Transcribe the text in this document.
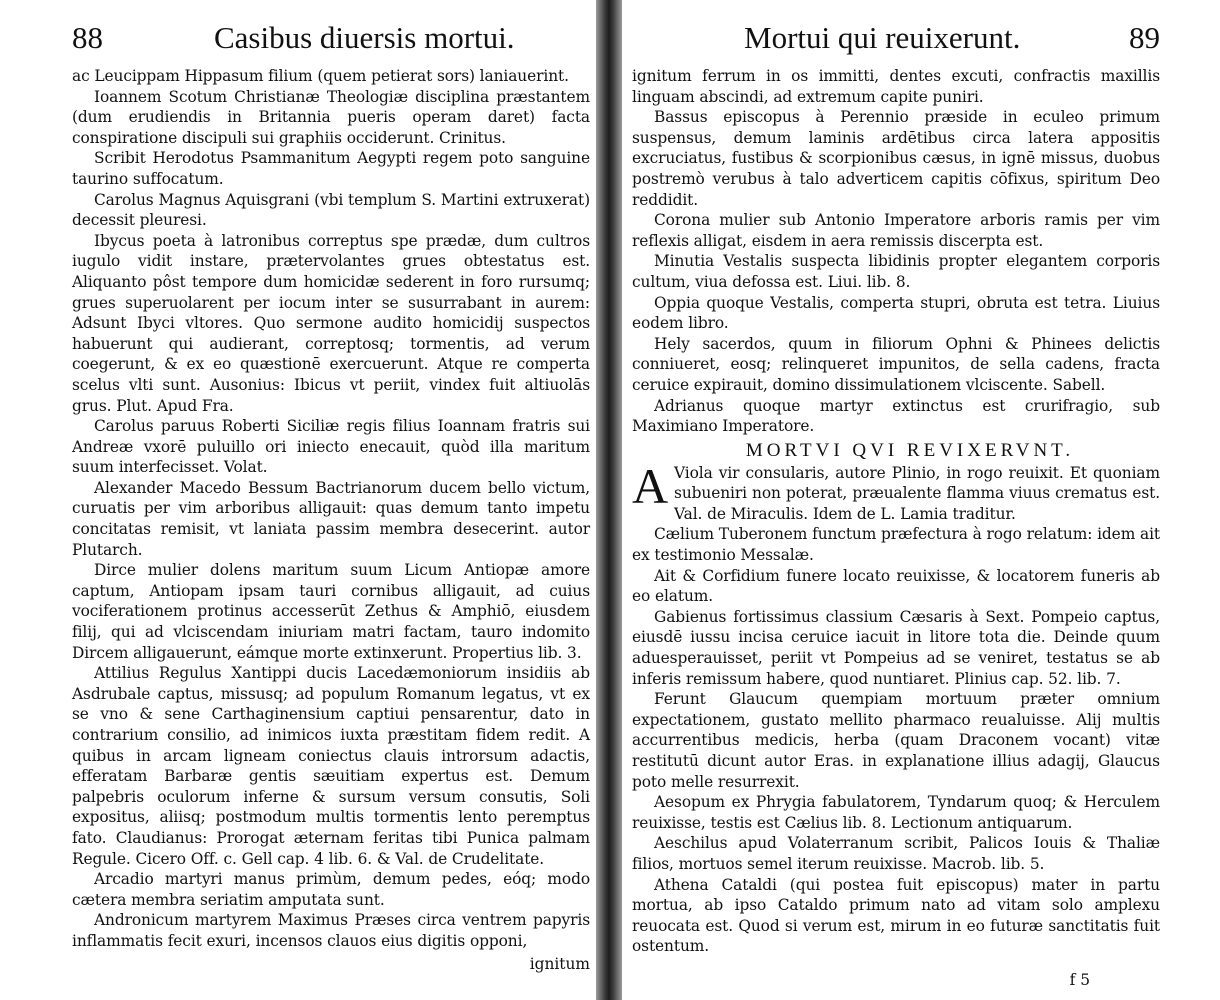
88	Casibus diuersis mortui.

ac Leucippam Hippasum filium (quem petierat sors) laniauerint.

Ioannem Scotum Christianæ Theologiæ disciplina præstantem (dum erudiendis in Britannia pueris operam daret) facta conspiratione discipuli sui graphiis occiderunt. Crinitus.

Scribit Herodotus Psammanitum Aegypti regem poto sanguine taurino suffocatum.

Carolus Magnus Aquisgrani (vbi templum S. Martini extruxerat) decessit pleuresi.

Ibycus poeta à latronibus correptus spe prædæ, dum cultros iugulo vidit instare, prætervolantes grues obtestatus est. Aliquanto pôst tempore dum homicidæ sederent in foro rursumq; grues superuolarent per iocum inter se susurrabant in aurem: Adsunt Ibyci vltores. Quo sermone audito homicidij suspectos habuerunt qui audierant, correptosq; tormentis, ad verum coegerunt, & ex eo quæstionē exercuerunt. Atque re comperta scelus vlti sunt. Ausonius: Ibicus vt periit, vindex fuit altiuolās grus. Plut. Apud Fra.

Carolus paruus Roberti Siciliæ regis filius Ioannam fratris sui Andreæ vxorē puluillo ori iniecto enecauit, quòd illa maritum suum interfecisset. Volat.

Alexander Macedo Bessum Bactrianorum ducem bello victum, curuatis per vim arboribus alligauit: quas demum tanto impetu concitatas remisit, vt laniata passim membra desecerint. autor Plutarch.

Dirce mulier dolens maritum suum Licum Antiopæ amore captum, Antiopam ipsam tauri cornibus alligauit, ad cuius vociferationem protinus accesserūt Zethus & Amphiō, eiusdem filij, qui ad vlciscendam iniuriam matri factam, tauro indomito Dircem alligauerunt, eámque morte extinxerunt. Propertius lib. 3.

Attilius Regulus Xantippi ducis Lacedæmoniorum insidiis ab Asdrubale captus, missusq; ad populum Romanum legatus, vt ex se vno & sene Carthaginensium captiui pensarentur, dato in contrarium consilio, ad inimicos iuxta præstitam fidem redit. A quibus in arcam ligneam coniectus clauis introrsum adactis, efferatam Barbaræ gentis sæuitiam expertus est. Demum palpebris oculorum inferne & sursum versum consutis, Soli expositus, aliisq; postmodum multis tormentis lento peremptus fato. Claudianus: Prorogat æternam feritas tibi Punica palmam Regule. Cicero Off. c. Gell cap. 4 lib. 6. & Val. de Crudelitate.

Arcadio martyri manus primùm, demum pedes, eóq; modo cætera membra seriatim amputata sunt.

Andronicum martyrem Maximus Præses circa ventrem papyris inflammatis fecit exuri, incensos clauos eius digitis opponi,

ignitum
Mortui qui reuixerunt.	89

ignitum ferrum in os immitti, dentes excuti, confractis maxillis linguam abscindi, ad extremum capite puniri.

Bassus episcopus à Perennio præside in eculeo primum suspensus, demum laminis ardētibus circa latera appositis excruciatus, fustibus & scorpionibus cæsus, in ignē missus, duobus postremò verubus à talo adverticem capitis cōfixus, spiritum Deo reddidit.

Corona mulier sub Antonio Imperatore arboris ramis per vim reflexis alligat, eisdem in aera remissis discerpta est.

Minutia Vestalis suspecta libidinis propter elegantem corporis cultum, viua defossa est. Liui. lib. 8.

Oppia quoque Vestalis, comperta stupri, obruta est tetra. Liuius eodem libro.

Hely sacerdos, quum in filiorum Ophni & Phinees delictis conniueret, eosq; relinqueret impunitos, de sella cadens, fracta ceruice expirauit, domino dissimulationem vlciscente. Sabell.

Adrianus quoque martyr extinctus est crurifragio, sub Maximiano Imperatore.

MORTVI QVI REVIXERVNT.

A Viola vir consularis, autore Plinio, in rogo reuixit. Et quoniam subueniri non poterat, præualente flamma viuus crematus est. Val. de Miraculis. Idem de L. Lamia traditur.

Cælium Tuberonem functum præfectura à rogo relatum: idem ait ex testimonio Messalæ.

Ait & Corfidium funere locato reuixisse, & locatorem funeris ab eo elatum.

Gabienus fortissimus classium Cæsaris à Sext. Pompeio captus, eiusdē iussu incisa ceruice iacuit in litore tota die. Deinde quum aduesperauisset, periit vt Pompeius ad se veniret, testatus se ab inferis remissum habere, quod nuntiaret. Plinius cap. 52. lib. 7.

Ferunt Glaucum quempiam mortuum præter omnium expectationem, gustato mellito pharmaco reualuisse. Alij multis accurrentibus medicis, herba (quam Draconem vocant) vitæ restitutū dicunt autor Eras. in explanatione illius adagij, Glaucus poto melle resurrexit.

Aesopum ex Phrygia fabulatorem, Tyndarum quoq; & Herculem reuixisse, testis est Cælius lib. 8. Lectionum antiquarum.

Aeschilus apud Volaterranum scribit, Palicos Iouis & Thaliæ filios, mortuos semel iterum reuixisse. Macrob. lib. 5.

Athena Cataldi (qui postea fuit episcopus) mater in partu mortua, ab ipso Cataldo primum nato ad vitam solo amplexu reuocata est. Quod si verum est, mirum in eo futuræ sanctitatis fuit ostentum.

f 5
